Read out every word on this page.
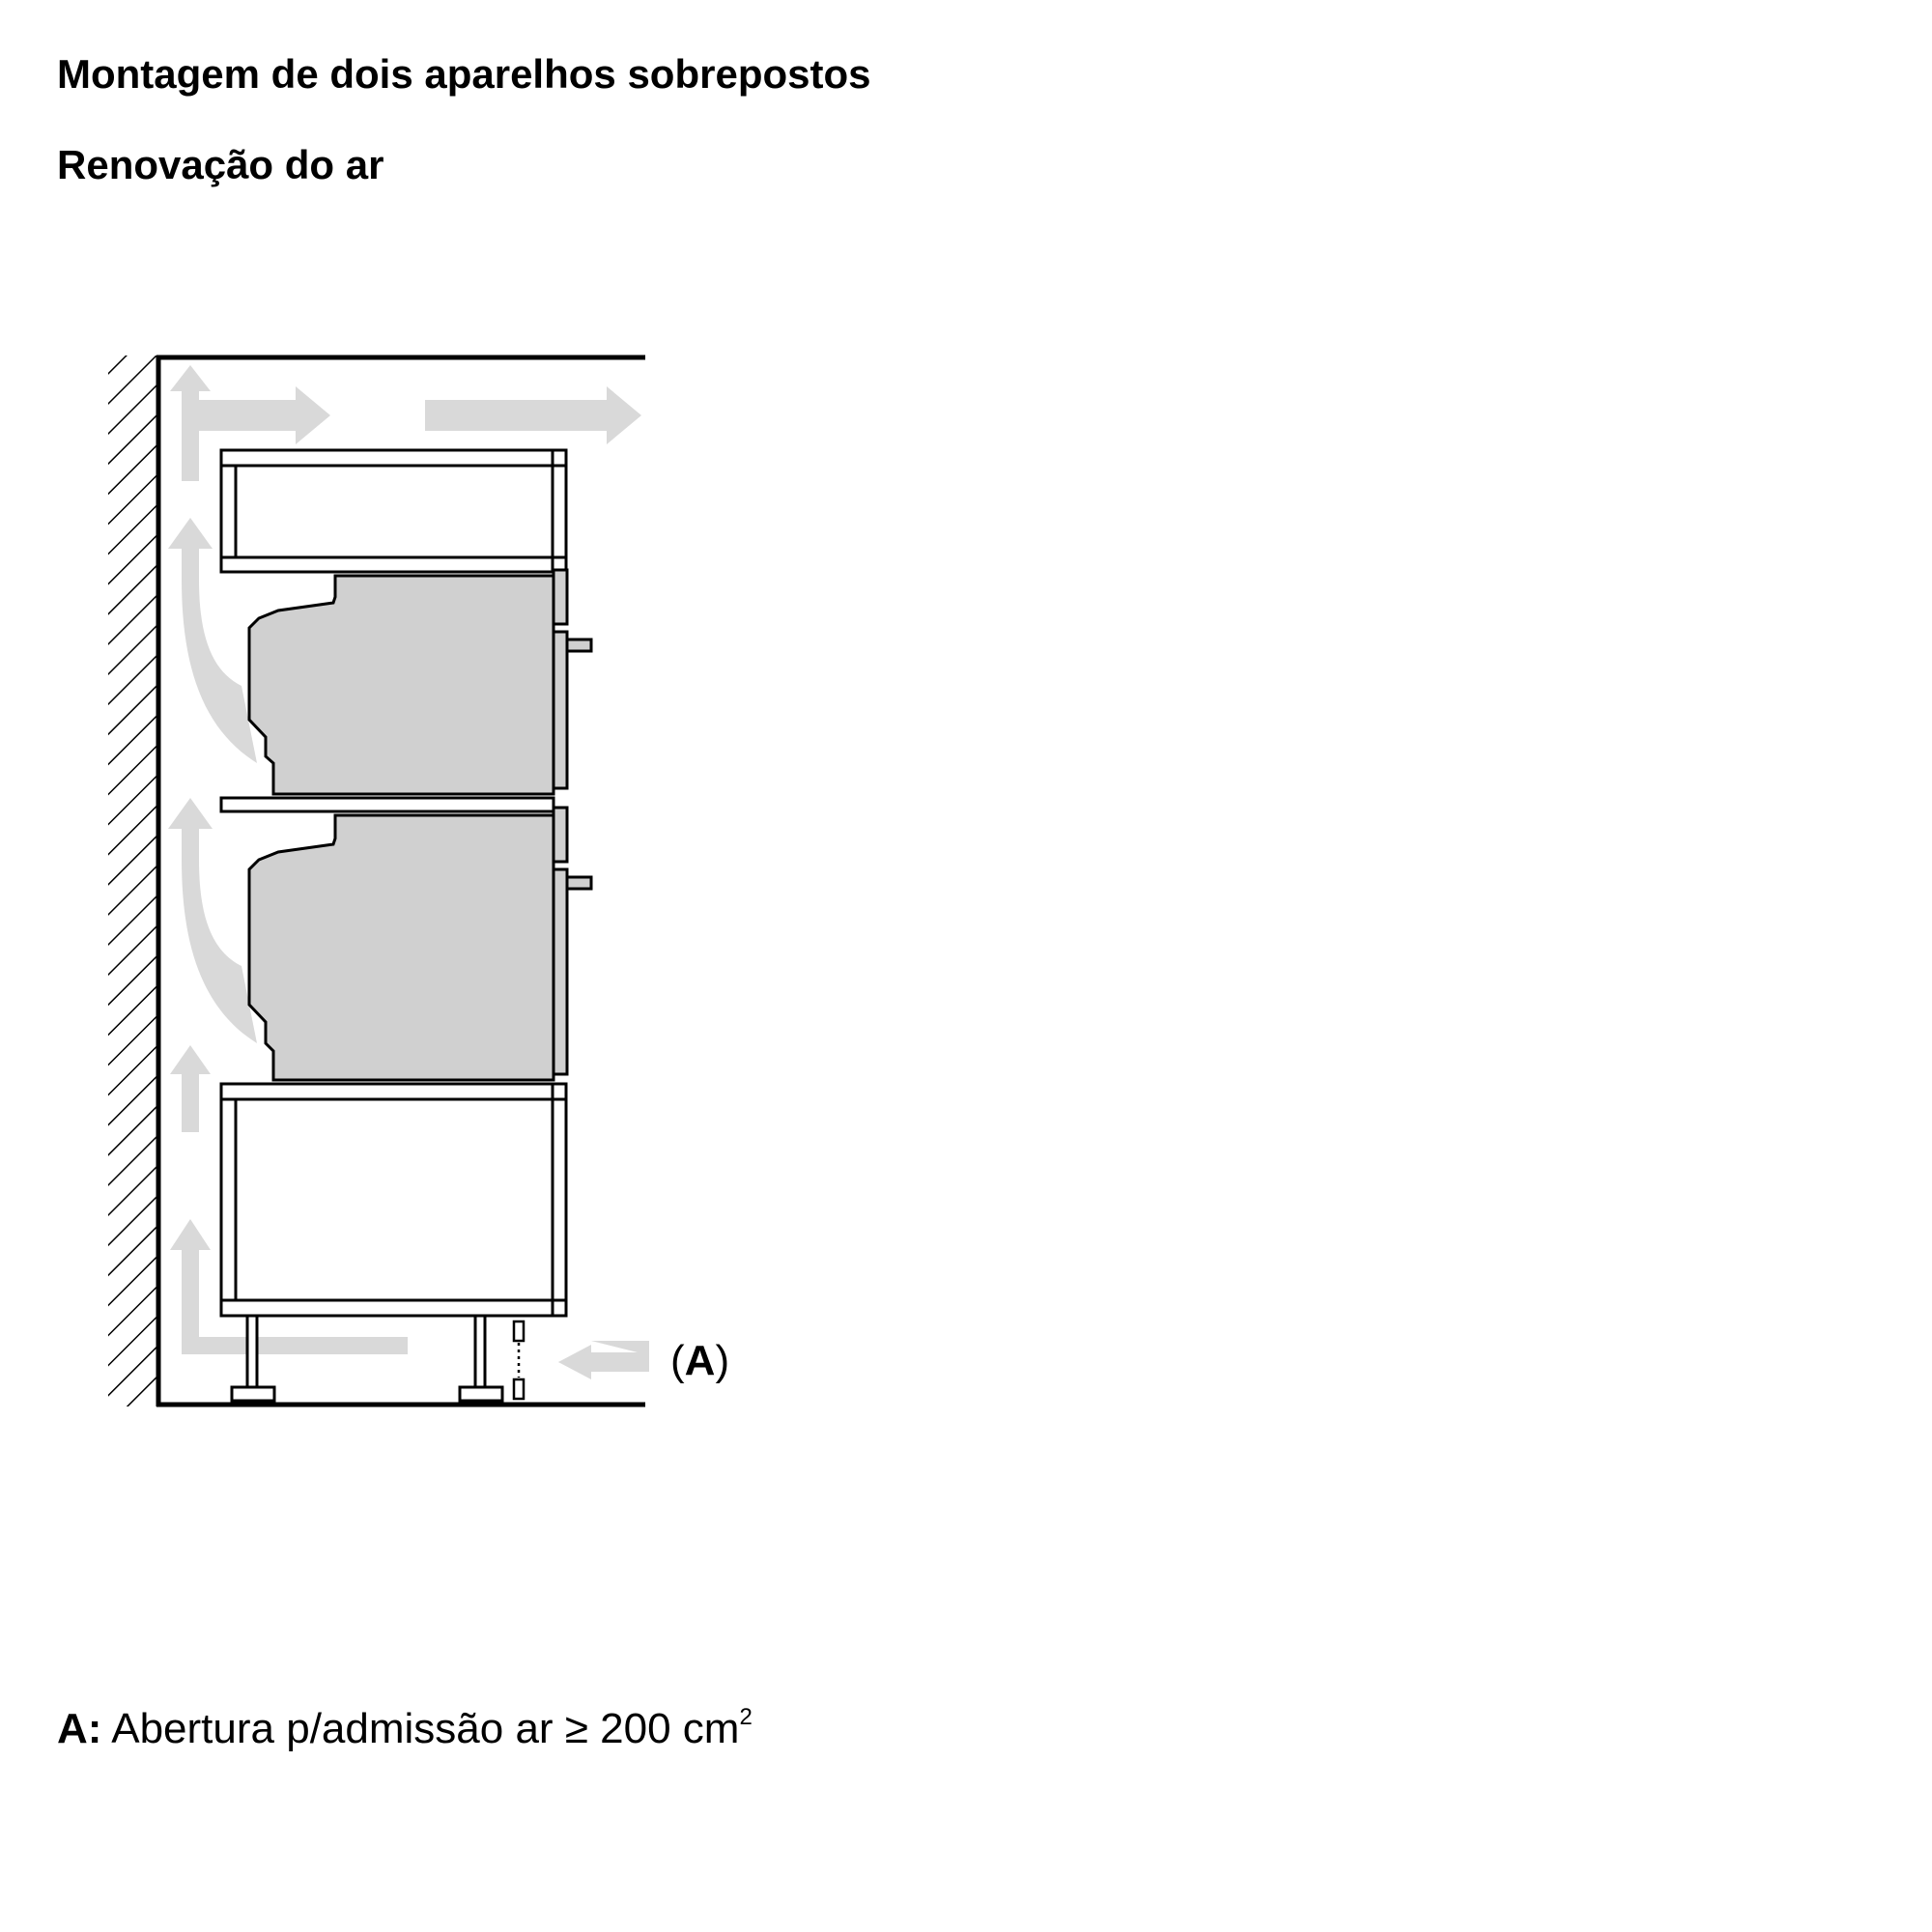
Montagem de dois aparelhos sobrepostos
Renovação do ar
(A)
A: Abertura p/admissão ar ≥ 200 $cm^2$
